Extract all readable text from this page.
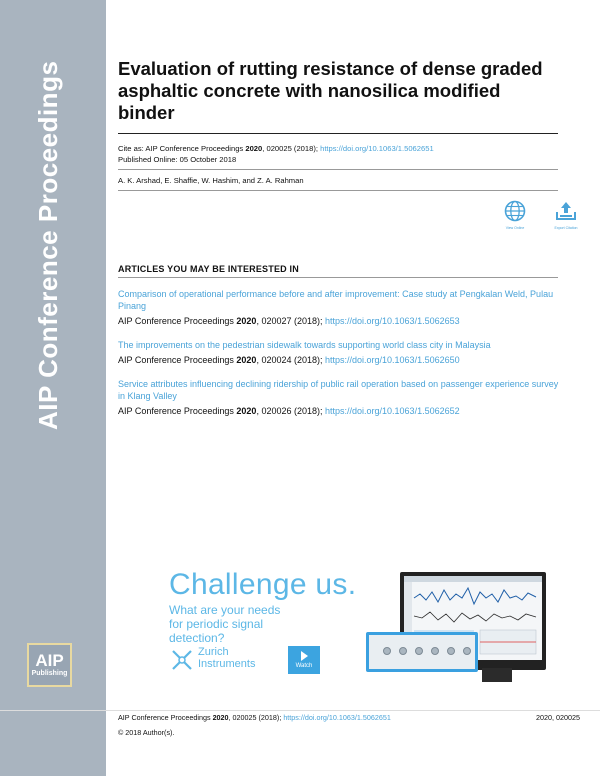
AIP Conference Proceedings
AIP
Publishing
Evaluation of rutting resistance of dense graded asphaltic concrete with nanosilica modified binder
Cite as: AIP Conference Proceedings 2020, 020025 (2018); https://doi.org/10.1063/1.5062651
Published Online: 05 October 2018
A. K. Arshad, E. Shaffie, W. Hashim, and Z. A. Rahman
View Online	Export Citation
ARTICLES YOU MAY BE INTERESTED IN
Comparison of operational performance before and after improvement: Case study at Pengkalan Weld, Pulau Pinang
AIP Conference Proceedings 2020, 020027 (2018); https://doi.org/10.1063/1.5062653
The improvements on the pedestrian sidewalk towards supporting world class city in Malaysia
AIP Conference Proceedings 2020, 020024 (2018); https://doi.org/10.1063/1.5062650
Service attributes influencing declining ridership of public rail operation based on passenger experience survey in Klang Valley
AIP Conference Proceedings 2020, 020026 (2018); https://doi.org/10.1063/1.5062652
Challenge us.
What are your needs for periodic signal detection?
Zurich
Instruments	Watch
AIP Conference Proceedings 2020, 020025 (2018); https://doi.org/10.1063/1.5062651	2020, 020025
© 2018 Author(s).
